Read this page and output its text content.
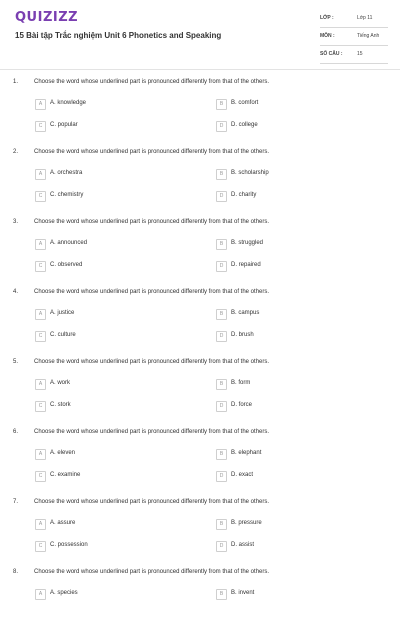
QUIZIZZ
15 Bài tập Trắc nghiệm Unit 6 Phonetics and Speaking
LỚP :	Lớp 11
MÔN :	Tiếng Anh
SỐ CÂU :	15
1.	Choose the word whose underlined part is pronounced differently from that of the others.
A	A. knowledge	B	B. comfort
C	C. popular	D	D. college
2.	Choose the word whose underlined part is pronounced differently from that of the others.
A	A. orchestra	B	B. scholarship
C	C. chemistry	D	D. charity
3.	Choose the word whose underlined part is pronounced differently from that of the others.
A	A. announced	B	B. struggled
C	C. observed	D	D. repaired
4.	Choose the word whose underlined part is pronounced differently from that of the others.
A	A. justice	B	B. campus
C	C. culture	D	D. brush
5.	Choose the word whose underlined part is pronounced differently from that of the others.
A	A. work	B	B. form
C	C. stork	D	D. force
6.	Choose the word whose underlined part is pronounced differently from that of the others.
A	A. eleven	B	B. elephant
C	C. examine	D	D. exact
7.	Choose the word whose underlined part is pronounced differently from that of the others.
A	A. assure	B	B. pressure
C	C. possession	D	D. assist
8.	Choose the word whose underlined part is pronounced differently from that of the others.
A	A. species	B	B. invent
